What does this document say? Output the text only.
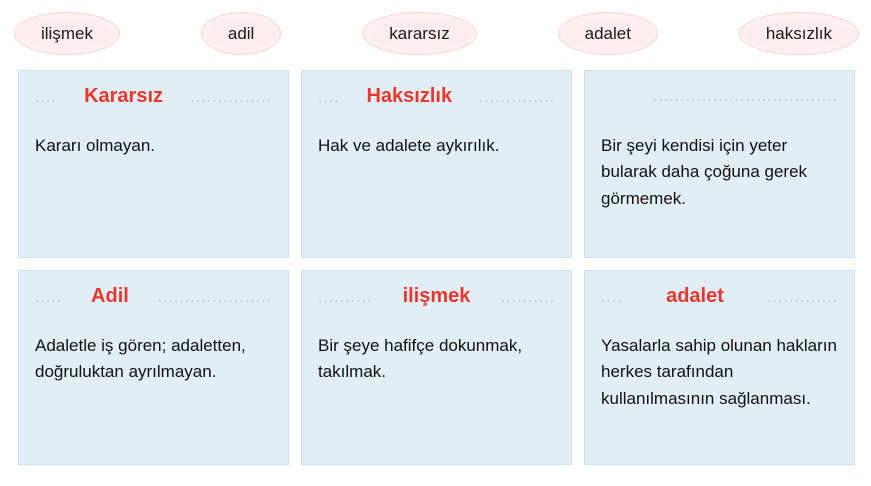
ilişmek	adil	kararsız	adalet	haksızlık
....	Kararsız	...............
Kararı olmayan.
....	Haksızlık	..............
Hak ve adalete aykırılık.
..................................
Bir şeyi kendisi için yeter bularak daha çoğuna gerek görmemek.
.....	Adil	.....................
Adaletle iş gören; adaletten, doğruluktan ayrılmayan.
..........	ilişmek	..........
Bir şeye hafifçe dokunmak, takılmak.
....	adalet	.............
Yasalarla sahip olunan hakların herkes tarafından kullanılmasının sağlanması.
